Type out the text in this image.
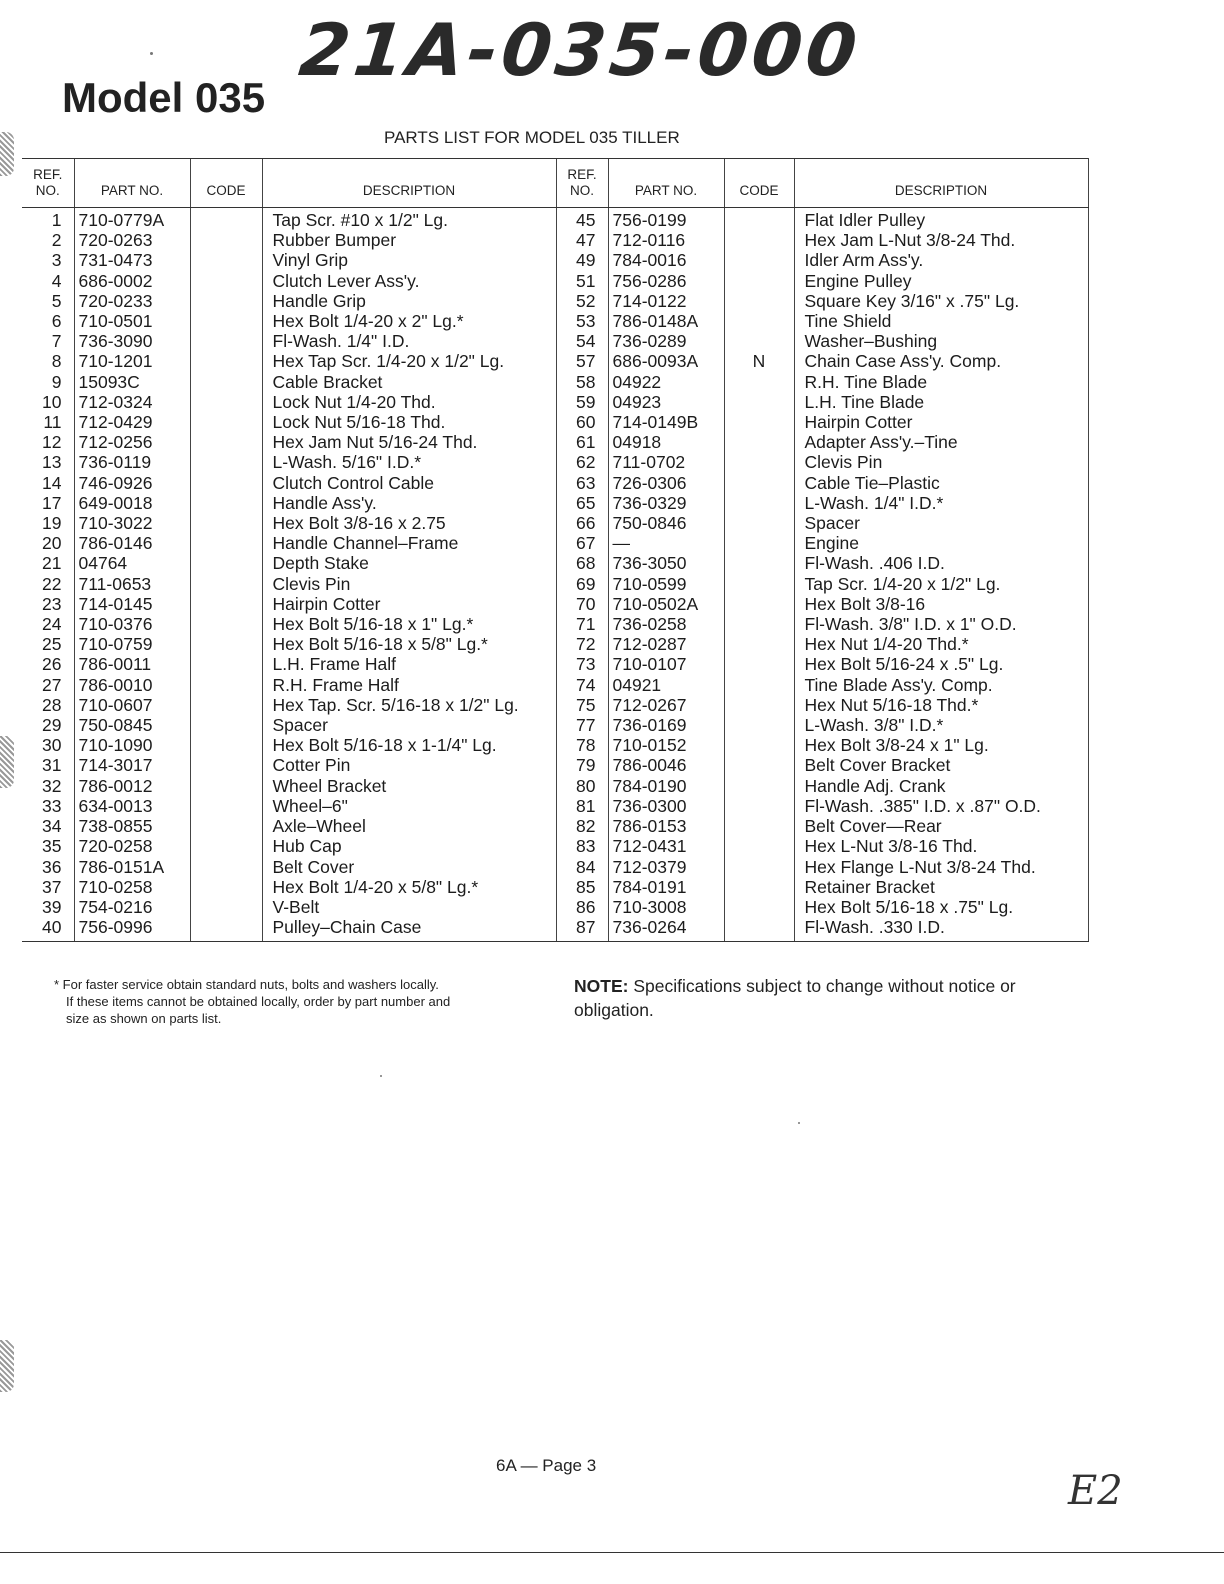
21A-035-000
Model 035
PARTS LIST FOR MODEL 035 TILLER
REF. NO.	PART NO.	CODE	DESCRIPTION	REF. NO.	PART NO.	CODE	DESCRIPTION
1	710-0779A		Tap Scr. #10 x 1/2" Lg.	45	756-0199		Flat Idler Pulley
2	720-0263		Rubber Bumper	47	712-0116		Hex Jam L-Nut 3/8-24 Thd.
3	731-0473		Vinyl Grip	49	784-0016		Idler Arm Ass'y.
4	686-0002		Clutch Lever Ass'y.	51	756-0286		Engine Pulley
5	720-0233		Handle Grip	52	714-0122		Square Key 3/16" x .75" Lg.
6	710-0501		Hex Bolt 1/4-20 x 2" Lg.*	53	786-0148A		Tine Shield
7	736-3090		Fl-Wash. 1/4" I.D.	54	736-0289		Washer–Bushing
8	710-1201		Hex Tap Scr. 1/4-20 x 1/2" Lg.	57	686-0093A	N	Chain Case Ass'y. Comp.
9	15093C		Cable Bracket	58	04922		R.H. Tine Blade
10	712-0324		Lock Nut 1/4-20 Thd.	59	04923		L.H. Tine Blade
11	712-0429		Lock Nut 5/16-18 Thd.	60	714-0149B		Hairpin Cotter
12	712-0256		Hex Jam Nut 5/16-24 Thd.	61	04918		Adapter Ass'y.–Tine
13	736-0119		L-Wash. 5/16" I.D.*	62	711-0702		Clevis Pin
14	746-0926		Clutch Control Cable	63	726-0306		Cable Tie–Plastic
17	649-0018		Handle Ass'y.	65	736-0329		L-Wash. 1/4" I.D.*
19	710-3022		Hex Bolt 3/8-16 x 2.75	66	750-0846		Spacer
20	786-0146		Handle Channel–Frame	67	—		Engine
21	04764		Depth Stake	68	736-3050		Fl-Wash. .406 I.D.
22	711-0653		Clevis Pin	69	710-0599		Tap Scr. 1/4-20 x 1/2" Lg.
23	714-0145		Hairpin Cotter	70	710-0502A		Hex Bolt 3/8-16
24	710-0376		Hex Bolt 5/16-18 x 1" Lg.*	71	736-0258		Fl-Wash. 3/8" I.D. x 1" O.D.
25	710-0759		Hex Bolt 5/16-18 x 5/8" Lg.*	72	712-0287		Hex Nut 1/4-20 Thd.*
26	786-0011		L.H. Frame Half	73	710-0107		Hex Bolt 5/16-24 x .5" Lg.
27	786-0010		R.H. Frame Half	74	04921		Tine Blade Ass'y. Comp.
28	710-0607		Hex Tap. Scr. 5/16-18 x 1/2" Lg.	75	712-0267		Hex Nut 5/16-18 Thd.*
29	750-0845		Spacer	77	736-0169		L-Wash. 3/8" I.D.*
30	710-1090		Hex Bolt 5/16-18 x 1-1/4" Lg.	78	710-0152		Hex Bolt 3/8-24 x 1" Lg.
31	714-3017		Cotter Pin	79	786-0046		Belt Cover Bracket
32	786-0012		Wheel Bracket	80	784-0190		Handle Adj. Crank
33	634-0013		Wheel–6"	81	736-0300		Fl-Wash. .385" I.D. x .87" O.D.
34	738-0855		Axle–Wheel	82	786-0153		Belt Cover—Rear
35	720-0258		Hub Cap	83	712-0431		Hex L-Nut 3/8-16 Thd.
36	786-0151A		Belt Cover	84	712-0379		Hex Flange L-Nut 3/8-24 Thd.
37	710-0258		Hex Bolt 1/4-20 x 5/8" Lg.*	85	784-0191		Retainer Bracket
39	754-0216		V-Belt	86	710-3008		Hex Bolt 5/16-18 x .75" Lg.
40	756-0996		Pulley–Chain Case	87	736-0264		Fl-Wash. .330 I.D.
* For faster service obtain standard nuts, bolts and washers locally.
If these items cannot be obtained locally, order by part number and
size as shown on parts list.
NOTE: Specifications subject to change without notice or obligation.
6A — Page 3
E2
